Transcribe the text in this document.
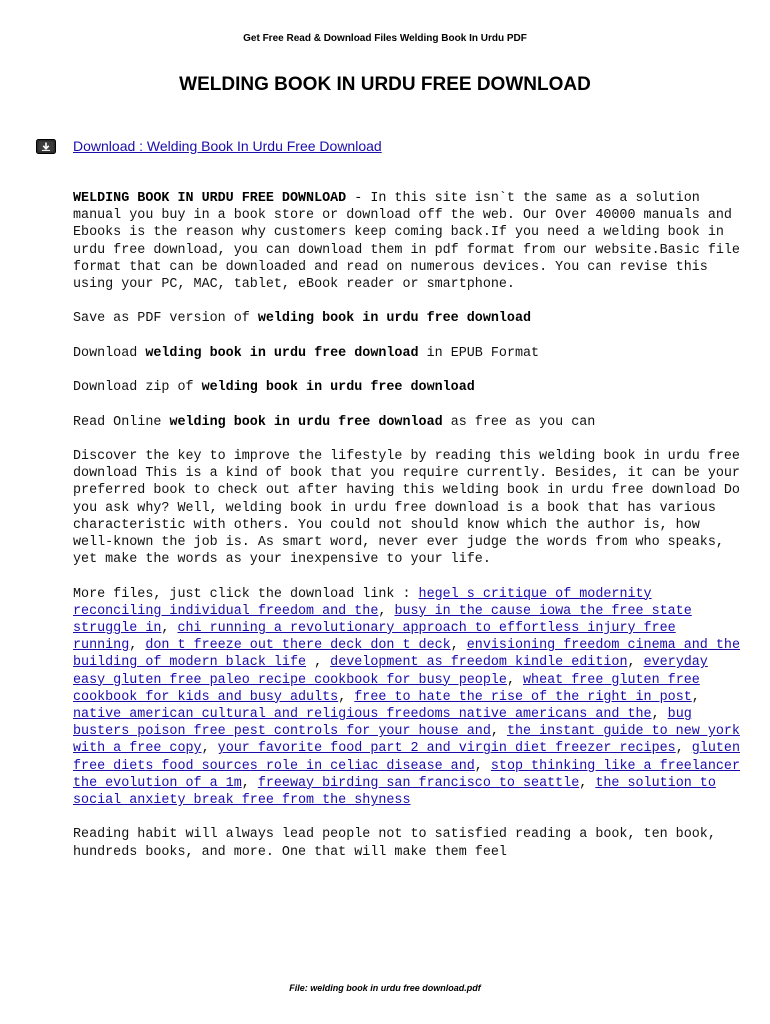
Get Free Read & Download Files Welding Book In Urdu PDF
WELDING BOOK IN URDU FREE DOWNLOAD
Download : Welding Book In Urdu Free Download

WELDING BOOK IN URDU FREE DOWNLOAD - In this site isn`t the same as a solution manual you buy in a book store or download off the web. Our Over 40000 manuals and Ebooks is the reason why customers keep coming back.If you need a welding book in urdu free download, you can download them in pdf format from our website.Basic file format that can be downloaded and read on numerous devices. You can revise this using your PC, MAC, tablet, eBook reader or smartphone.

Save as PDF version of welding book in urdu free download

Download welding book in urdu free download in EPUB Format

Download zip of welding book in urdu free download

Read Online welding book in urdu free download as free as you can

Discover the key to improve the lifestyle by reading this welding book in urdu free download This is a kind of book that you require currently. Besides, it can be your preferred book to check out after having this welding book in urdu free download Do you ask why? Well, welding book in urdu free download is a book that has various characteristic with others. You could not should know which the author is, how well-known the job is. As smart word, never ever judge the words from who speaks, yet make the words as your inexpensive to your life.

More files, just click the download link : hegel s critique of modernity reconciling individual freedom and the, busy in the cause iowa the free state struggle in, chi running a revolutionary approach to effortless injury free running, don t freeze out there deck don t deck, envisioning freedom cinema and the building of modern black life , development as freedom kindle edition, everyday easy gluten free paleo recipe cookbook for busy people, wheat free gluten free cookbook for kids and busy adults, free to hate the rise of the right in post, native american cultural and religious freedoms native americans and the, bug busters poison free pest controls for your house and, the instant guide to new york with a free copy, your favorite food part 2 and virgin diet freezer recipes, gluten free diets food sources role in celiac disease and, stop thinking like a freelancer the evolution of a 1m, freeway birding san francisco to seattle, the solution to social anxiety break free from the shyness

Reading habit will always lead people not to satisfied reading a book, ten book, hundreds books, and more. One that will make them feel

File: welding book in urdu free download.pdf
